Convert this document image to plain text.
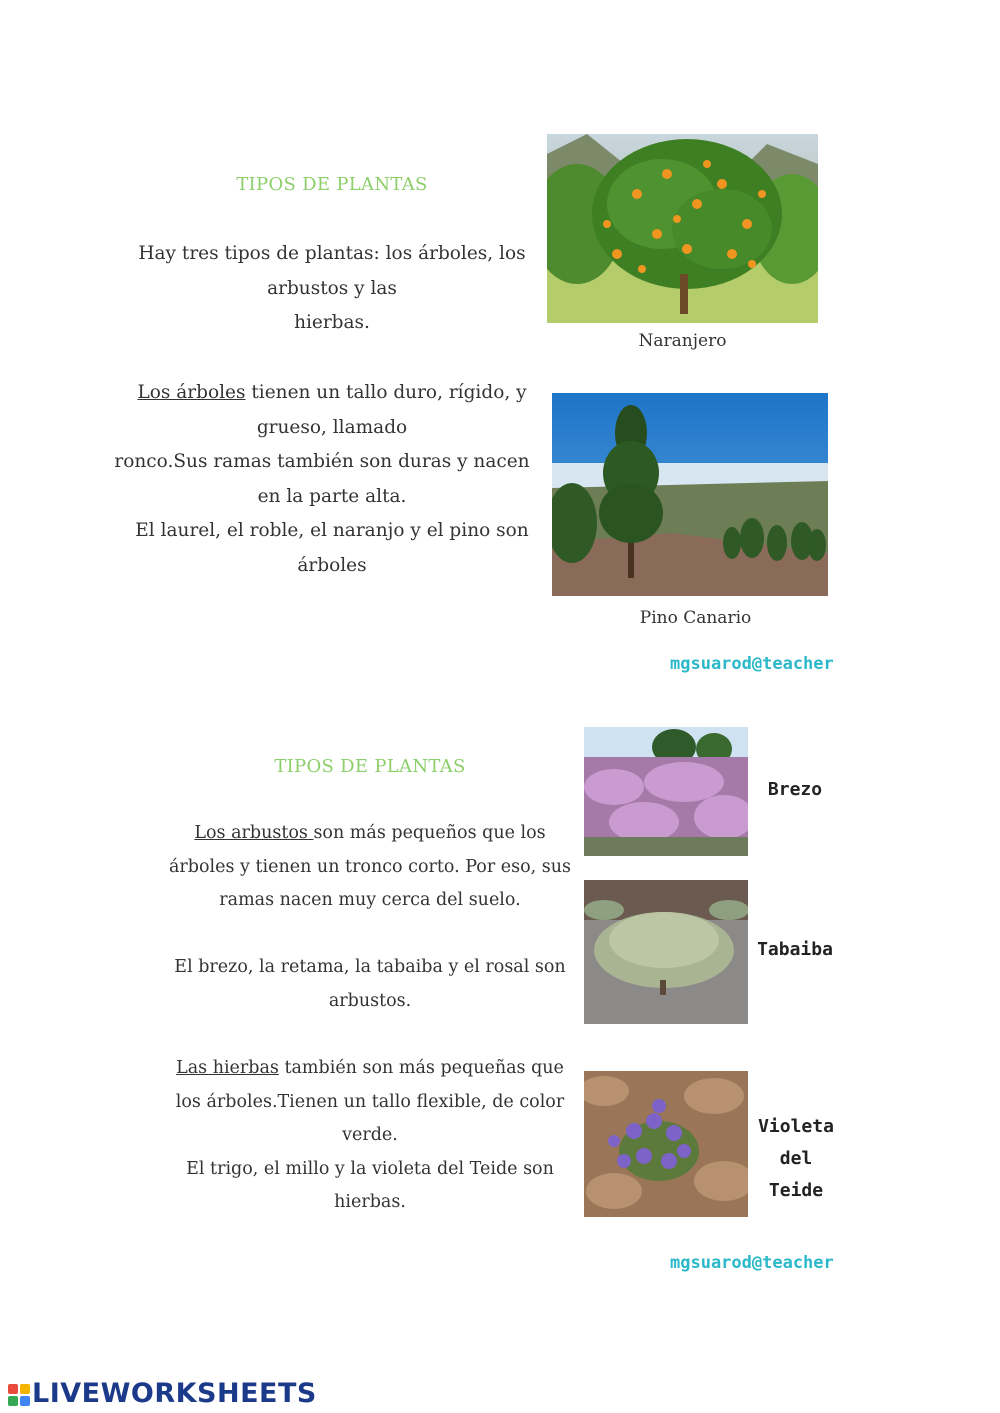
TIPOS DE PLANTAS

Hay tres tipos de plantas: los árboles, los

arbustos y las

hierbas.

Los árboles tienen un tallo duro, rígido, y

grueso, llamado

ronco.Sus ramas también son duras y nacen

en la parte alta.

El laurel, el roble, el naranjo y el pino son

árboles

Naranjero
Pino Canario
mgsuarod@teacher
TIPOS DE PLANTAS

Los arbustos son más pequeños que los

árboles y tienen un tronco corto. Por eso, sus

ramas nacen muy cerca del suelo.

El brezo, la retama, la tabaiba y el rosal son

arbustos.

Las hierbas también son más pequeñas que

los árboles.Tienen un tallo flexible, de color

verde.

El trigo, el millo y la violeta del Teide son

hierbas.

Brezo
Tabaiba
Violeta del
Teide
mgsuarod@teacher
LIVEWORKSHEETS
